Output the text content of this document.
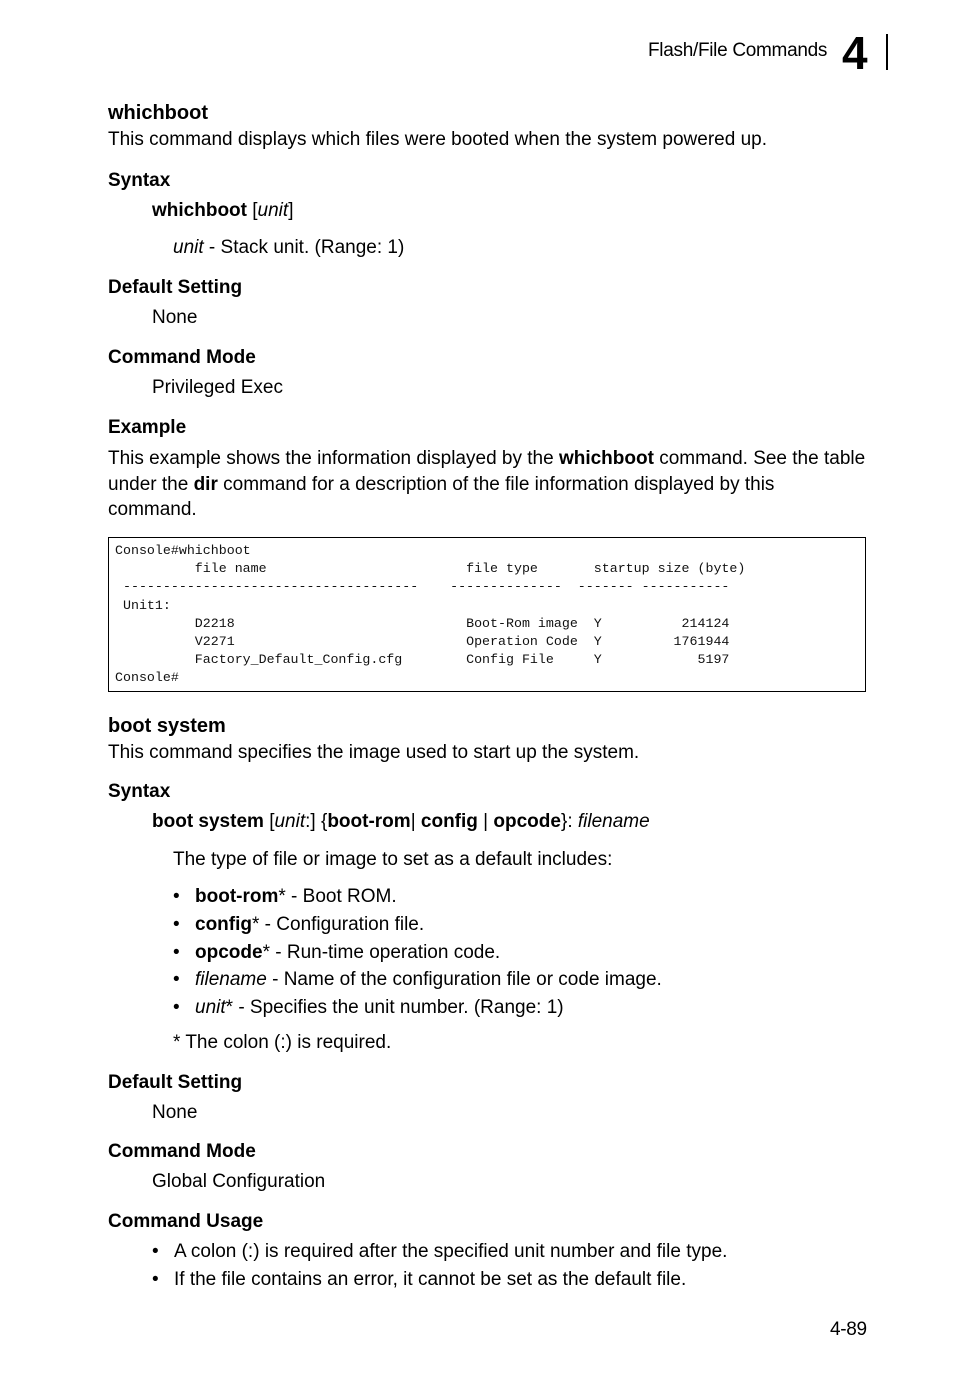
Flash/File Commands 4
whichboot
This command displays which files were booted when the system powered up.
Syntax
whichboot [unit]
unit - Stack unit. (Range: 1)
Default Setting
None
Command Mode
Privileged Exec
Example
This example shows the information displayed by the whichboot command. See the table under the dir command for a description of the file information displayed by this command.
Console#whichboot
file name                         file type       startup size (byte)
-------------------------------------    --------------  ------- -----------
Unit1:
D2218                             Boot-Rom image  Y          214124
V2271                             Operation Code  Y         1761944
Factory_Default_Config.cfg        Config File     Y            5197
Console#
boot system
This command specifies the image used to start up the system.
Syntax
boot system [unit:] {boot-rom| config | opcode}: filename
The type of file or image to set as a default includes:
• boot-rom* - Boot ROM.
• config* - Configuration file.
• opcode* - Run-time operation code.
• filename - Name of the configuration file or code image.
• unit* - Specifies the unit number. (Range: 1)
* The colon (:) is required.
Default Setting
None
Command Mode
Global Configuration
Command Usage
• A colon (:) is required after the specified unit number and file type.
• If the file contains an error, it cannot be set as the default file.
4-89
